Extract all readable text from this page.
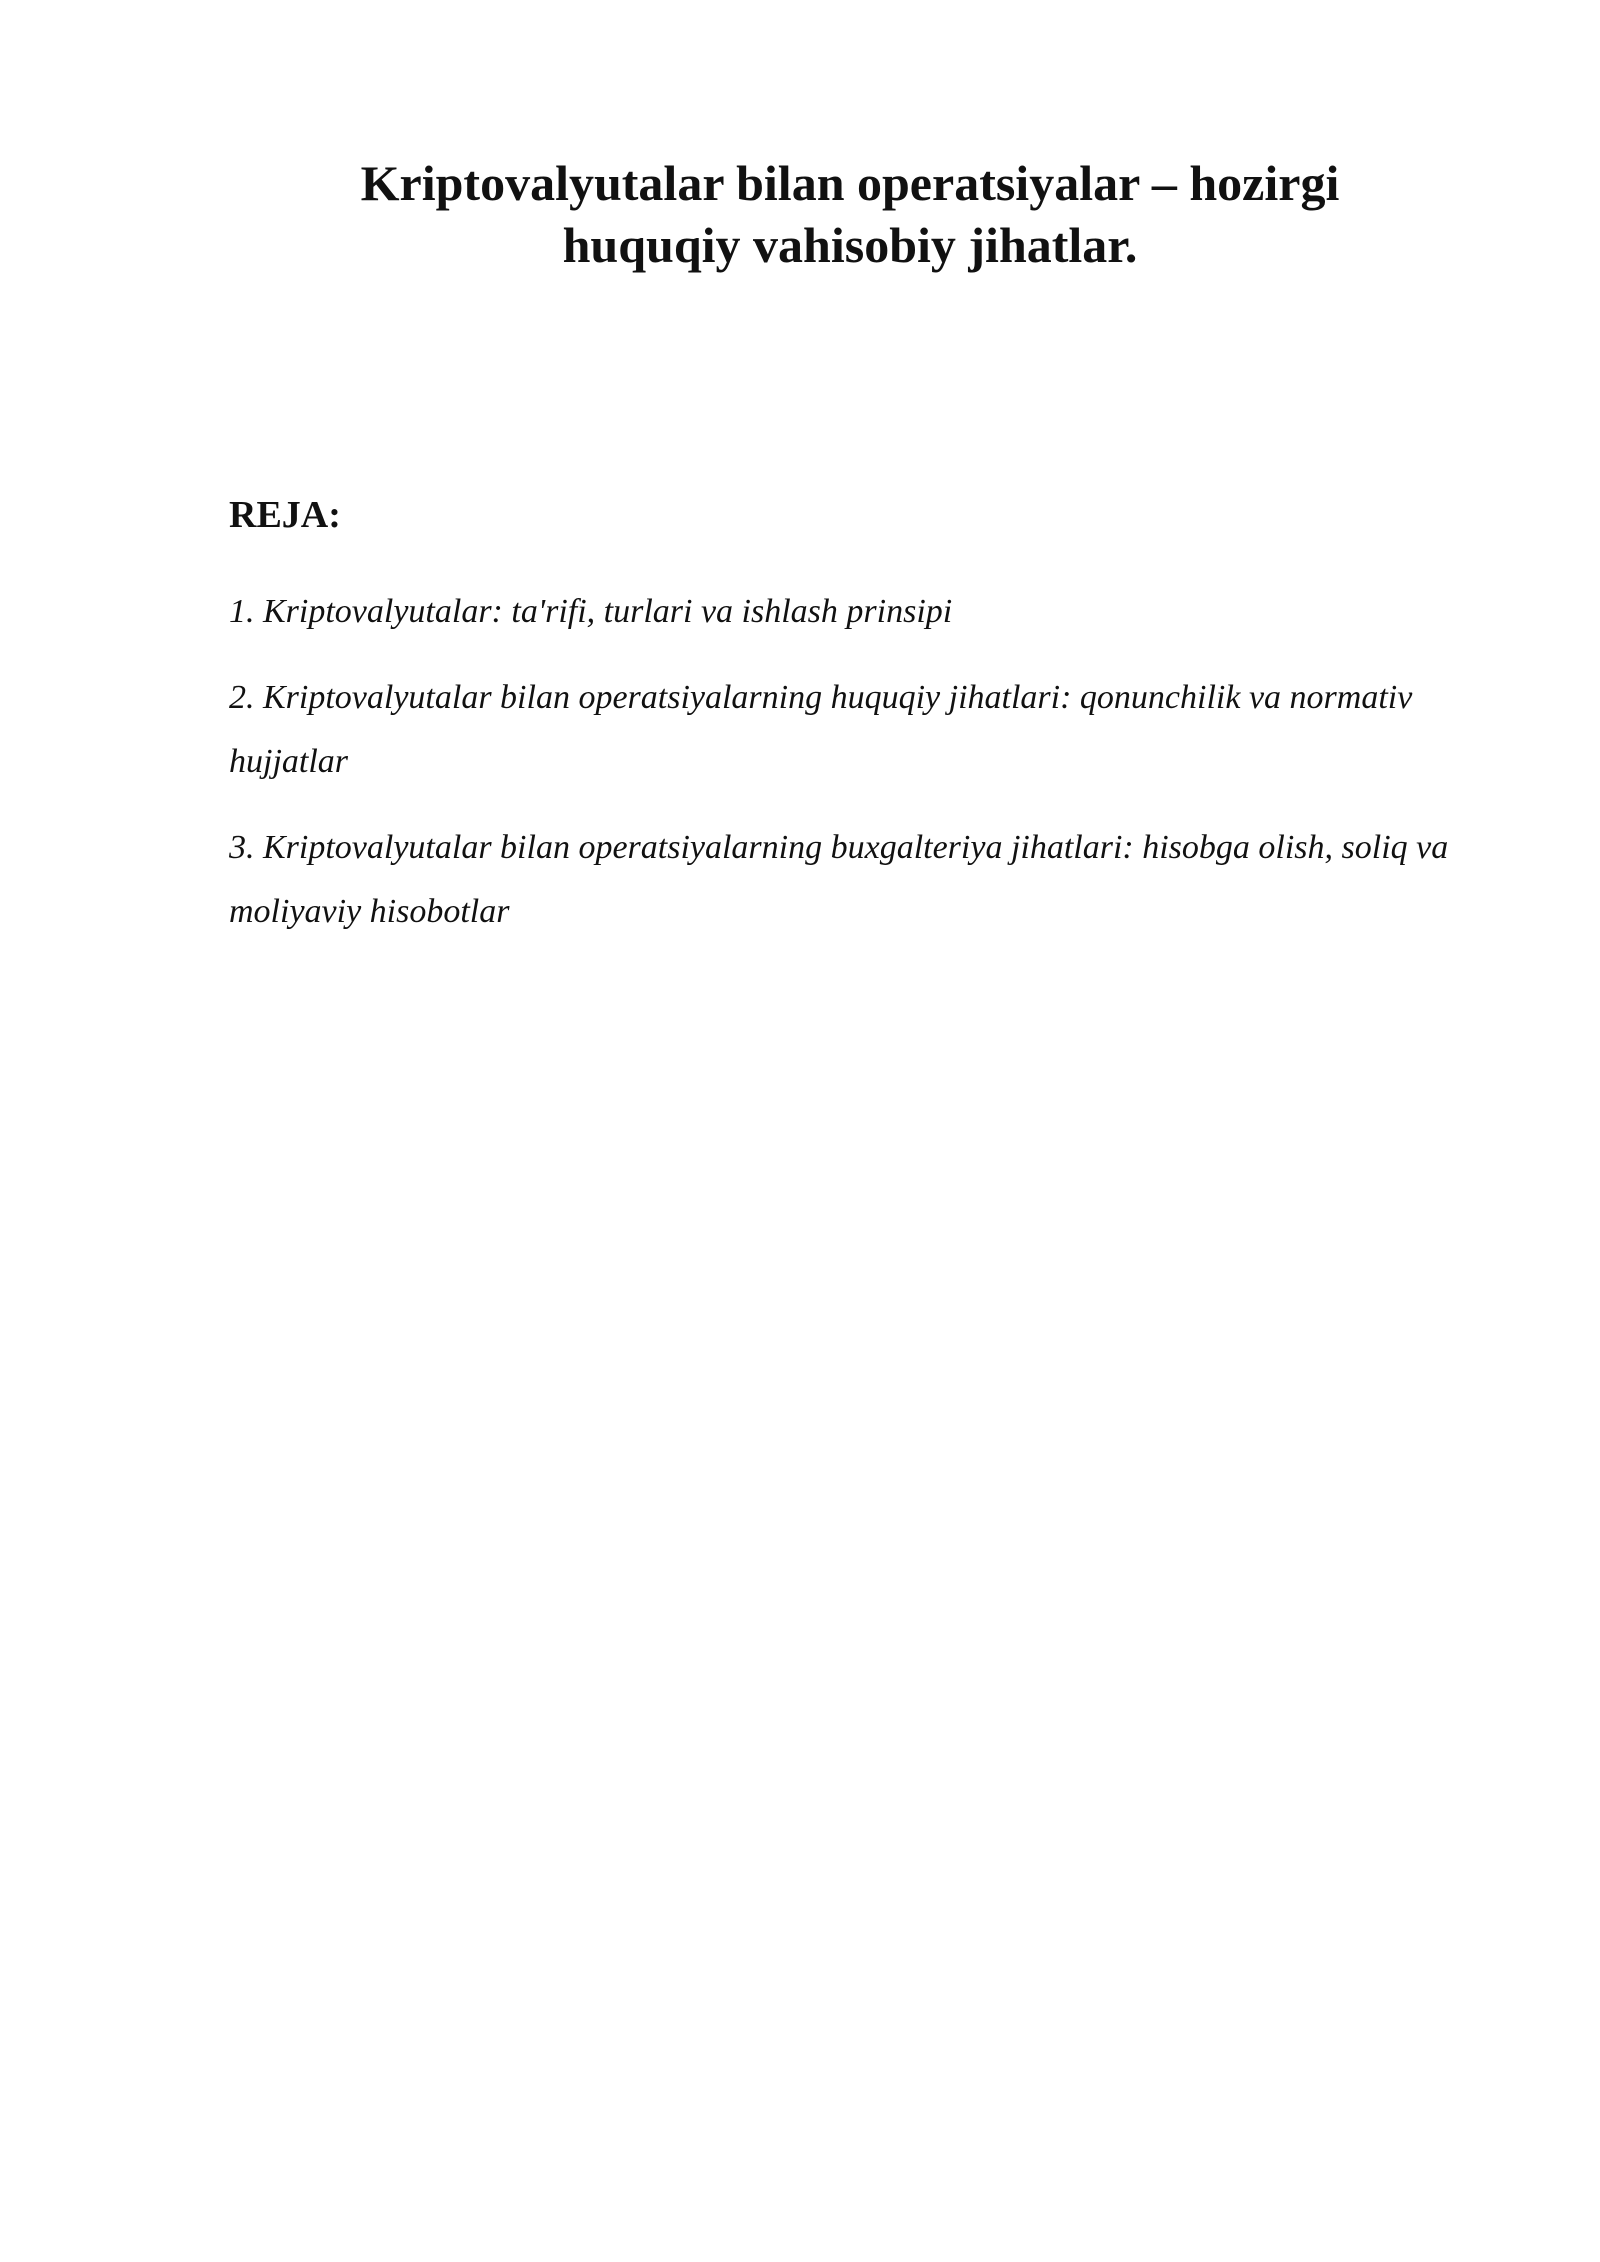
Kriptovalyutalar bilan operatsiyalar – hozirgi
huquqiy vahisobiy jihatlar.
REJA:
1. Kriptovalyutalar: ta'rifi, turlari va ishlash prinsipi
2. Kriptovalyutalar bilan operatsiyalarning huquqiy jihatlari: qonunchilik va normativ hujjatlar
3. Kriptovalyutalar bilan operatsiyalarning buxgalteriya jihatlari: hisobga olish, soliq va moliyaviy hisobotlar
